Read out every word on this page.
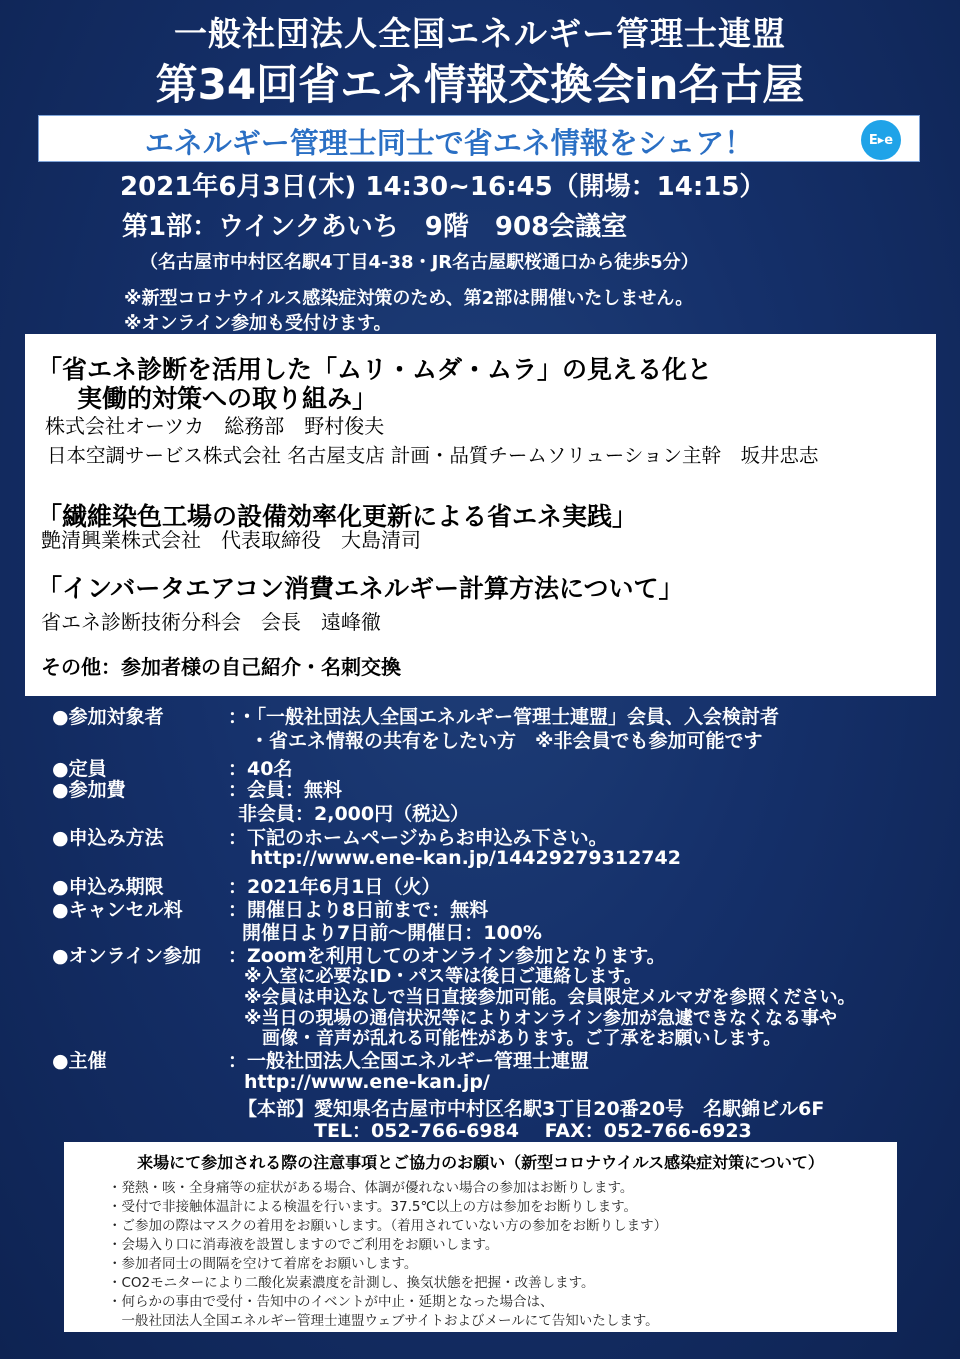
一般社団法人全国エネルギー管理士連盟
第34回省エネ情報交換会in名古屋
エネルギー管理士同士で省エネ情報をシェア！	E▸e
2021年6月3日(木) 14:30~16:45（開場：14:15）
第1部：ウインクあいち　9階　908会議室
（名古屋市中村区名駅4丁目4-38・JR名古屋駅桜通口から徒歩5分）
※新型コロナウイルス感染症対策のため、第2部は開催いたしません。
※オンライン参加も受付けます。
「省エネ診断を活用した「ムリ・ムダ・ムラ」の見える化と
実働的対策への取り組み」
株式会社オーツカ　総務部　野村俊夫
日本空調サービス株式会社 名古屋支店 計画・品質チームソリューション主幹　坂井忠志
「繊維染色工場の設備効率化更新による省エネ実践」
艶清興業株式会社　代表取締役　大島清司
「インバータエアコン消費エネルギー計算方法について」
省エネ診断技術分科会　会長　遠峰徹
その他：参加者様の自己紹介・名刺交換
●参加対象者	：・「一般社団法人全国エネルギー管理士連盟」会員、入会検討者
・省エネ情報の共有をしたい方　※非会員でも参加可能です
●定員	：40名
●参加費	：会員：無料
非会員：2,000円（税込）
●申込み方法	：下記のホームページからお申込み下さい。
http://www.ene-kan.jp/14429279312742
●申込み期限	：2021年6月1日（火）
●キャンセル料 ：開催日より8日前まで：無料
開催日より7日前～開催日：100%
●オンライン参加 ：Zoomを利用してのオンライン参加となります。
※入室に必要なID・パス等は後日ご連絡します。
※会員は申込なしで当日直接参加可能。会員限定メルマガを参照ください。
※当日の現場の通信状況等によりオンライン参加が急遽できなくなる事や
画像・音声が乱れる可能性があります。ご了承をお願いします。
●主催	：一般社団法人全国エネルギー管理士連盟
http://www.ene-kan.jp/
【本部】愛知県名古屋市中村区名駅3丁目20番20号　名駅錦ビル6F
TEL：052-766-6984　 FAX：052-766-6923
来場にて参加される際の注意事項とご協力のお願い（新型コロナウイルス感染症対策について）
・発熱・咳・全身痛等の症状がある場合、体調が優れない場合の参加はお断りします。
・受付で非接触体温計による検温を行います。37.5℃以上の方は参加をお断りします。
・ご参加の際はマスクの着用をお願いします。（着用されていない方の参加をお断りします）
・会場入り口に消毒液を設置しますのでご利用をお願いします。
・参加者同士の間隔を空けて着席をお願いします。
・CO2モニターにより二酸化炭素濃度を計測し、換気状態を把握・改善します。
・何らかの事由で受付・告知中のイベントが中止・延期となった場合は、
　一般社団法人全国エネルギー管理士連盟ウェブサイトおよびメールにて告知いたします。
